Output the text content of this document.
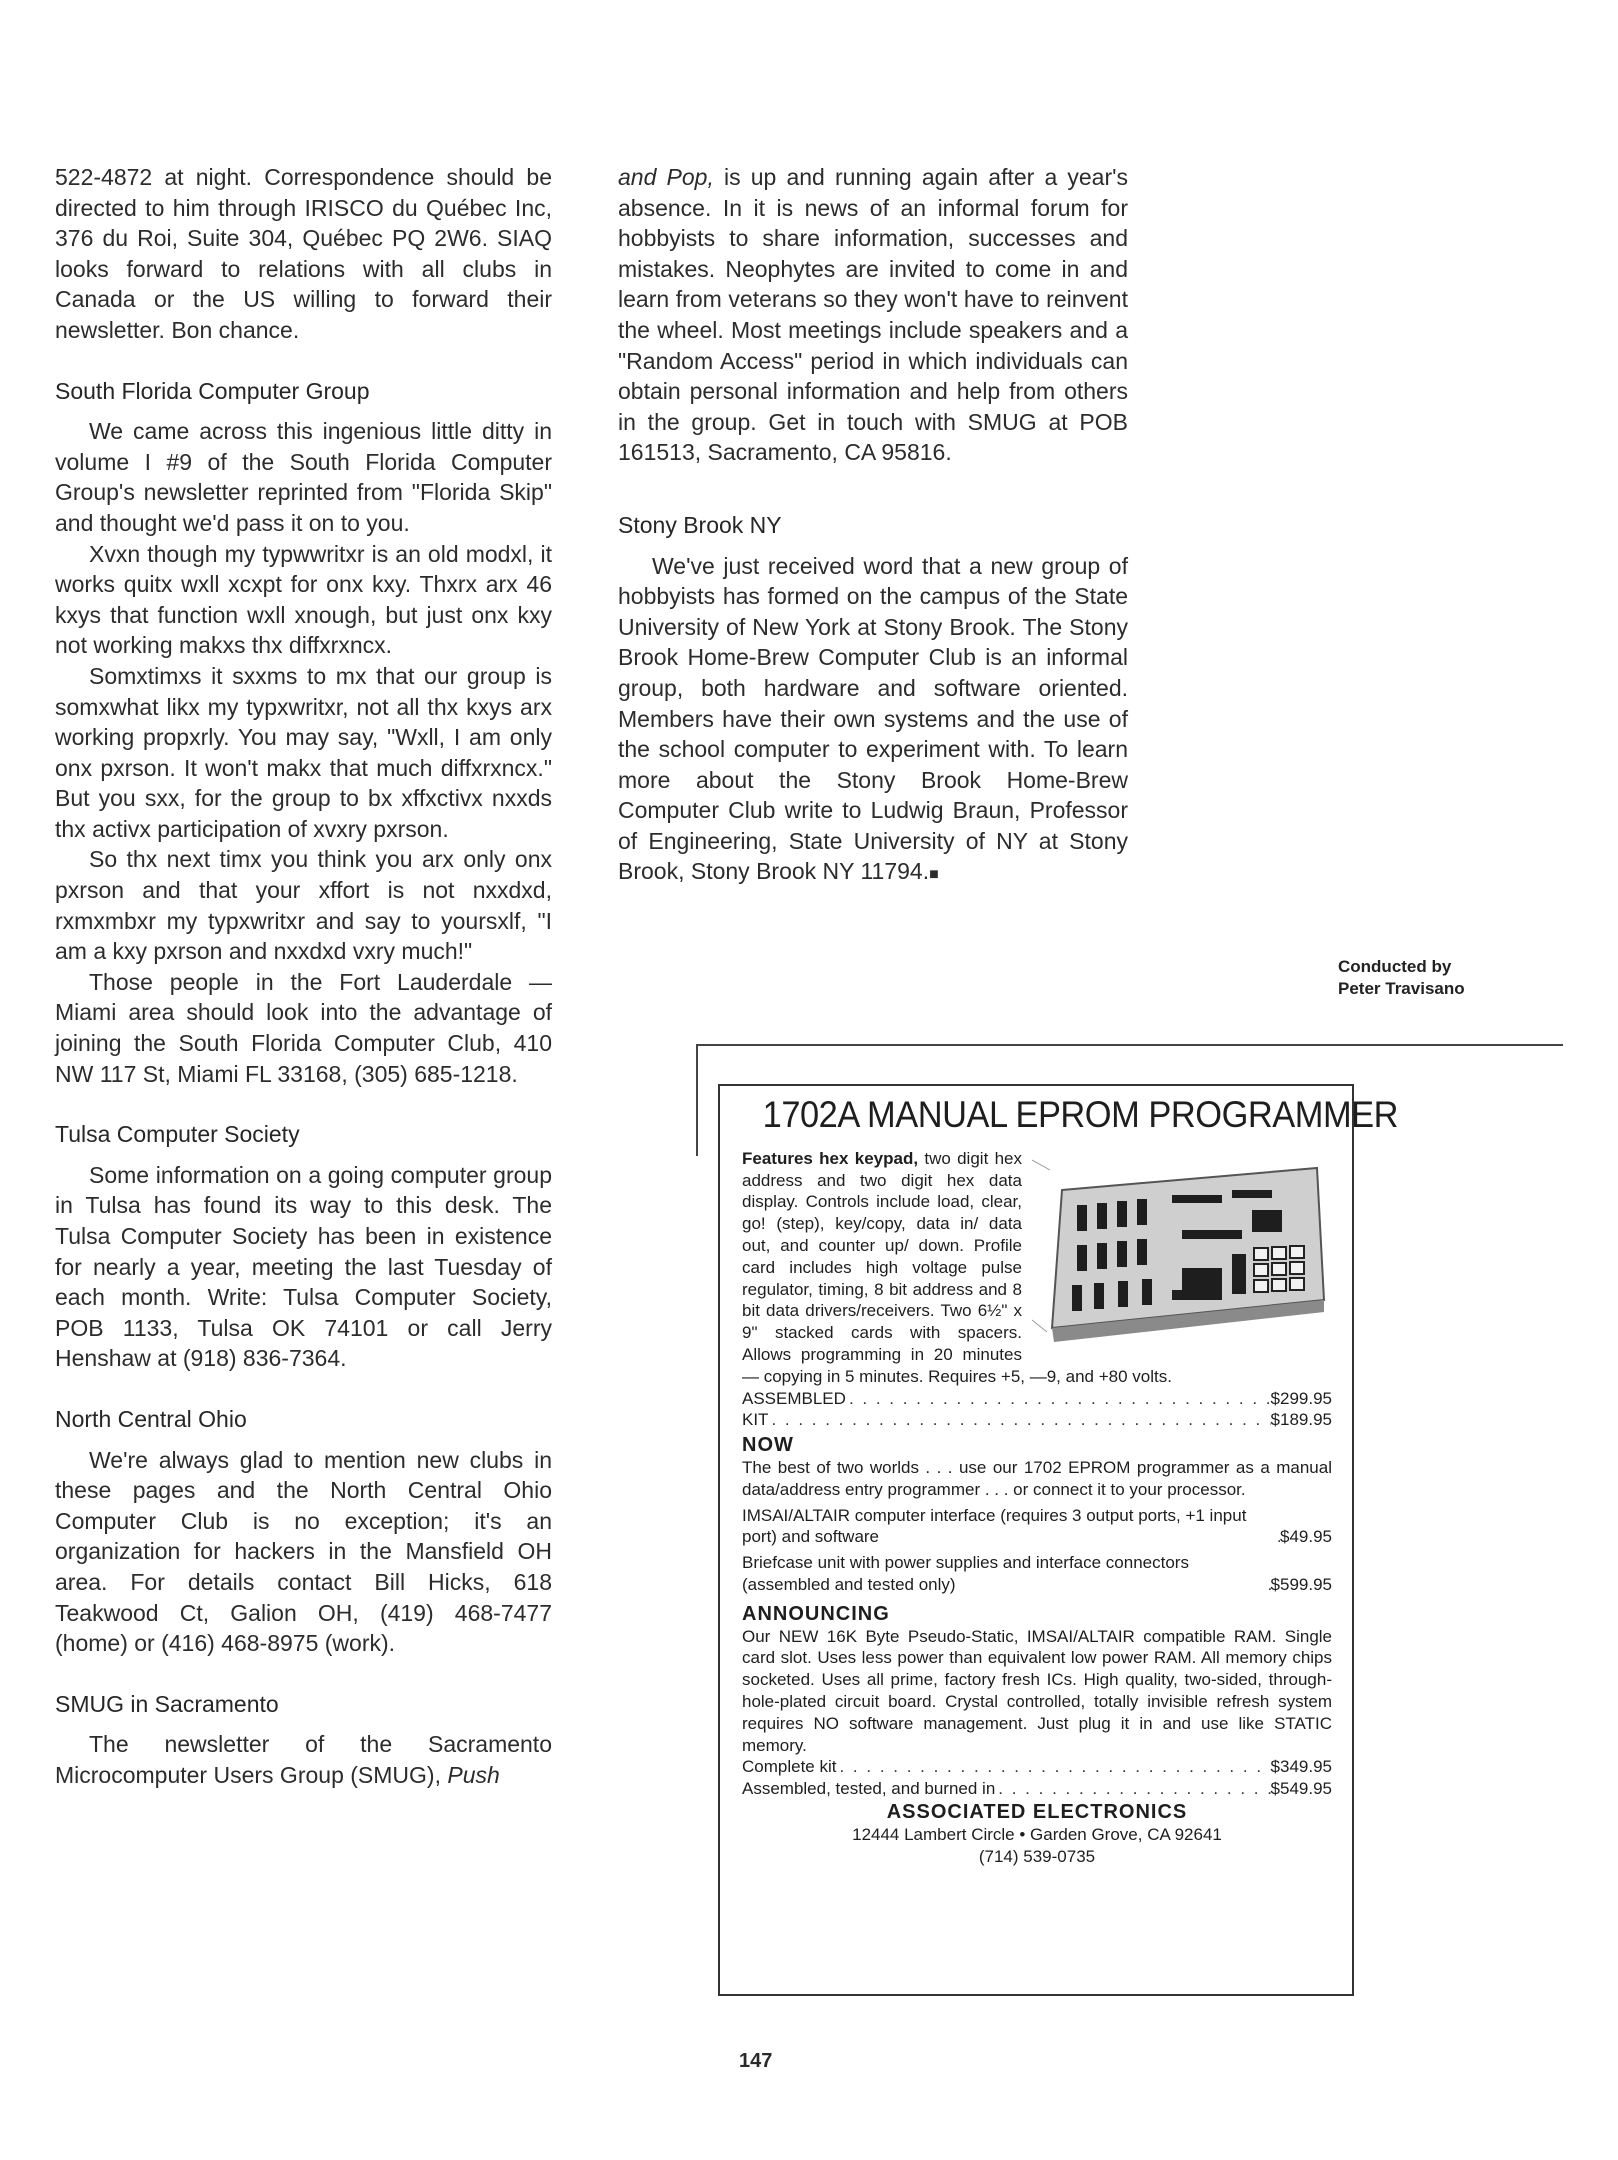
522-4872 at night. Correspondence should be directed to him through IRISCO du Québec Inc, 376 du Roi, Suite 304, Québec PQ 2W6. SIAQ looks forward to relations with all clubs in Canada or the US willing to forward their newsletter. Bon chance.

South Florida Computer Group

We came across this ingenious little ditty in volume I #9 of the South Florida Computer Group's newsletter reprinted from "Florida Skip" and thought we'd pass it on to you.

Xvxn though my typwwritxr is an old modxl, it works quitx wxll xcxpt for onx kxy. Thxrx arx 46 kxys that function wxll xnough, but just onx kxy not working makxs thx diffxrxncx.

Somxtimxs it sxxms to mx that our group is somxwhat likx my typxwritxr, not all thx kxys arx working propxrly. You may say, "Wxll, I am only onx pxrson. It won't makx that much diffxrxncx." But you sxx, for the group to bx xffxctivx nxxds thx activx participation of xvxry pxrson.

So thx next timx you think you arx only onx pxrson and that your xffort is not nxxdxd, rxmxmbxr my typxwritxr and say to yoursxlf, "I am a kxy pxrson and nxxdxd vxry much!"

Those people in the Fort Lauderdale — Miami area should look into the advantage of joining the South Florida Computer Club, 410 NW 117 St, Miami FL 33168, (305) 685-1218.

Tulsa Computer Society

Some information on a going computer group in Tulsa has found its way to this desk. The Tulsa Computer Society has been in existence for nearly a year, meeting the last Tuesday of each month. Write: Tulsa Computer Society, POB 1133, Tulsa OK 74101 or call Jerry Henshaw at (918) 836-7364.

North Central Ohio

We're always glad to mention new clubs in these pages and the North Central Ohio Computer Club is no exception; it's an organization for hackers in the Mansfield OH area. For details contact Bill Hicks, 618 Teakwood Ct, Galion OH, (419) 468-7477 (home) or (416) 468-8975 (work).

SMUG in Sacramento

The newsletter of the Sacramento Microcomputer Users Group (SMUG), Push

and Pop, is up and running again after a year's absence. In it is news of an informal forum for hobbyists to share information, successes and mistakes. Neophytes are invited to come in and learn from veterans so they won't have to reinvent the wheel. Most meetings include speakers and a "Random Access" period in which individuals can obtain personal information and help from others in the group. Get in touch with SMUG at POB 161513, Sacramento, CA 95816.

Stony Brook NY

We've just received word that a new group of hobbyists has formed on the campus of the State University of New York at Stony Brook. The Stony Brook Home-Brew Computer Club is an informal group, both hardware and software oriented. Members have their own systems and the use of the school computer to experiment with. To learn more about the Stony Brook Home-Brew Computer Club write to Ludwig Braun, Professor of Engineering, State University of NY at Stony Brook, Stony Brook NY 11794.■

Conducted by
Peter Travisano
1702A MANUAL EPROM PROGRAMMER

Features hex keypad, two digit hex address and two digit hex data display. Controls include load, clear, go! (step), key/copy, data in/ data out, and counter up/ down. Profile card includes high voltage pulse regulator, timing, 8 bit address and 8 bit data drivers/receivers. Two 6½" x 9" stacked cards with spacers. Allows programming in 20 minutes — copying in 5 minutes. Requires +5, —9, and +80 volts.

ASSEMBLED . . .	$299.95
KIT . . .	$189.95
NOW

The best of two worlds . . . use our 1702 EPROM programmer as a manual data/address entry programmer . . . or connect it to your processor.

IMSAI/ALTAIR computer interface (requires 3 output ports, +1 input port) and software . . .	$49.95
Briefcase unit with power supplies and interface connectors (assembled and tested only) . . .	$599.95
ANNOUNCING

Our NEW 16K Byte Pseudo-Static, IMSAI/ALTAIR compatible RAM. Single card slot. Uses less power than equivalent low power RAM. All memory chips socketed. Uses all prime, factory fresh ICs. High quality, two-sided, through-hole-plated circuit board. Crystal controlled, totally invisible refresh system requires NO software management. Just plug it in and use like STATIC memory.

Complete kit . . .	$349.95
Assembled, tested, and burned in . . .	$549.95
ASSOCIATED ELECTRONICS
12444 Lambert Circle • Garden Grove, CA 92641
(714) 539-0735
147
